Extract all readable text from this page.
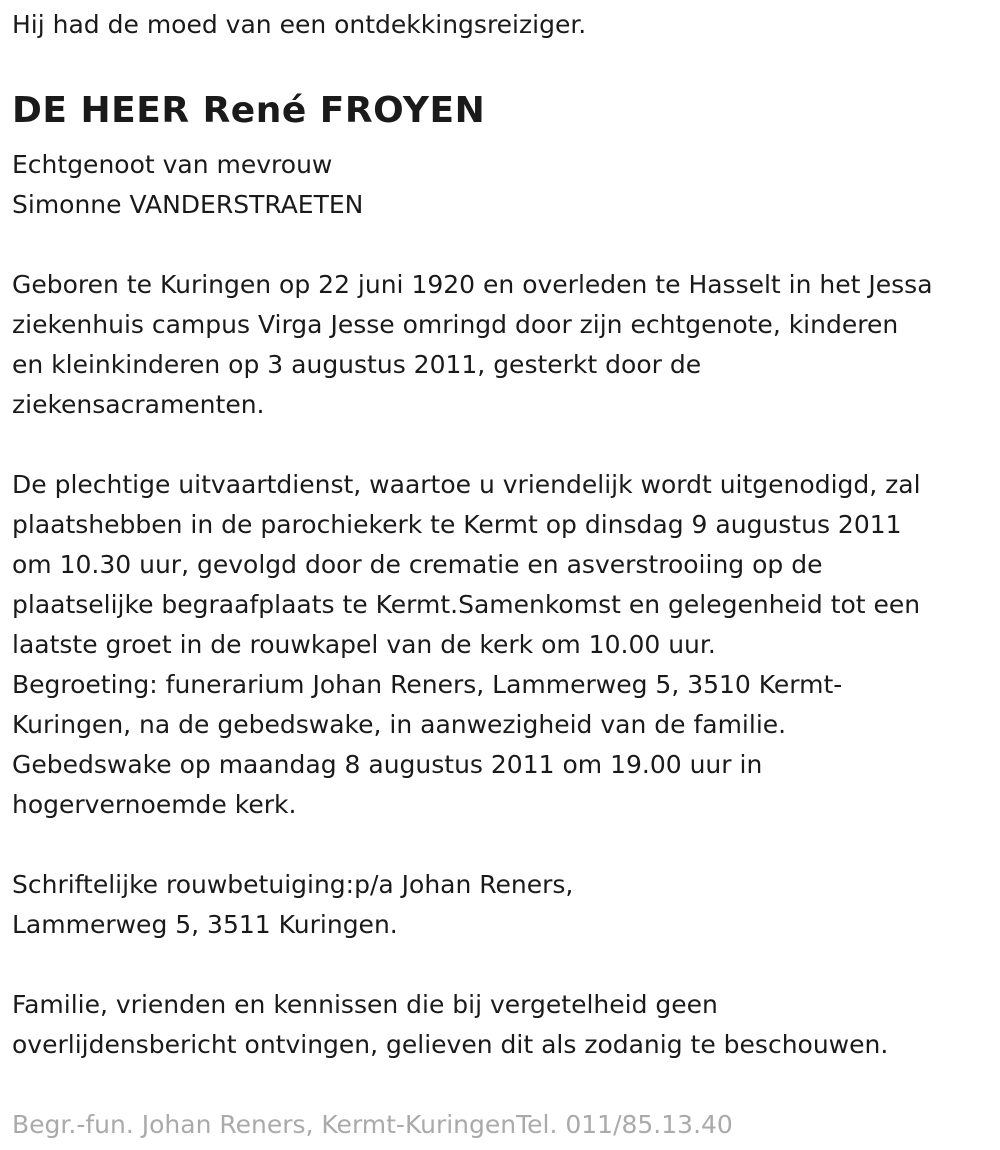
Hij had de moed van een ontdekkingsreiziger.

DE HEER René FROYEN
Echtgenoot van mevrouw
Simonne VANDERSTRAETEN
Geboren te Kuringen op 22 juni 1920 en overleden te Hasselt in het Jessa
ziekenhuis campus Virga Jesse omringd door zijn echtgenote, kinderen
en kleinkinderen op 3 augustus 2011, gesterkt door de
ziekensacramenten.
De plechtige uitvaartdienst, waartoe u vriendelijk wordt uitgenodigd, zal
plaatshebben in de parochiekerk te Kermt op dinsdag 9 augustus 2011
om 10.30 uur, gevolgd door de crematie en asverstrooiing op de
plaatselijke begraafplaats te Kermt.Samenkomst en gelegenheid tot een
laatste groet in de rouwkapel van de kerk om 10.00 uur.
Begroeting: funerarium Johan Reners, Lammerweg 5, 3510 Kermt-
Kuringen, na de gebedswake, in aanwezigheid van de familie.
Gebedswake op maandag 8 augustus 2011 om 19.00 uur in
hogervernoemde kerk.
Schriftelijke rouwbetuiging:p/a Johan Reners,
Lammerweg 5, 3511 Kuringen.
Familie, vrienden en kennissen die bij vergetelheid geen
overlijdensbericht ontvingen, gelieven dit als zodanig te beschouwen.
Begr.-fun. Johan Reners, Kermt-KuringenTel. 011/85.13.40
